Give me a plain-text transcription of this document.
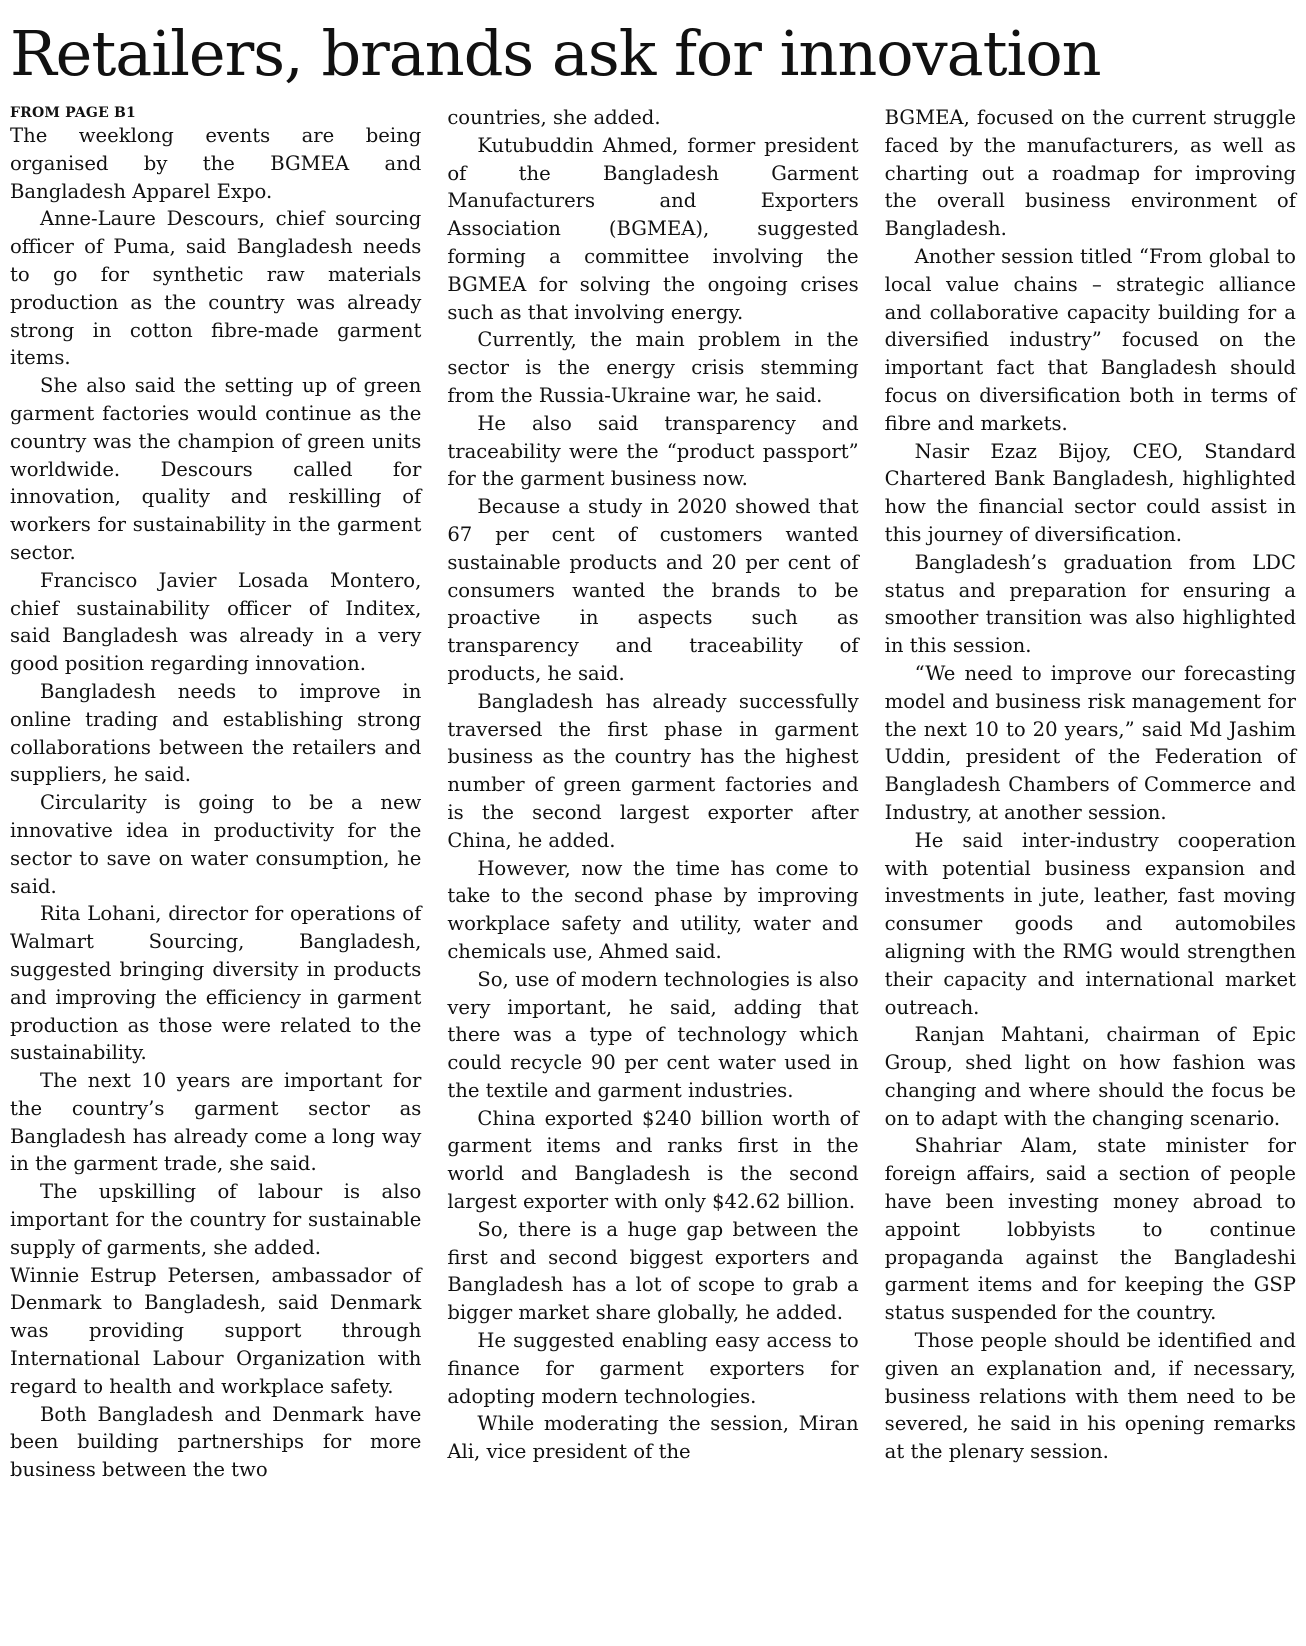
Retailers, brands ask for innovation
FROM PAGE B1

The weeklong events are being organised by the BGMEA and Bangladesh Apparel Expo.

Anne-Laure Descours, chief sourcing officer of Puma, said Bangladesh needs to go for synthetic raw materials production as the country was already strong in cotton fibre-made garment items.

She also said the setting up of green garment factories would continue as the country was the champion of green units worldwide. Descours called for innovation, quality and reskilling of workers for sustainability in the garment sector.

Francisco Javier Losada Montero, chief sustainability officer of Inditex, said Bangladesh was already in a very good position regarding innovation.

Bangladesh needs to improve in online trading and establishing strong collaborations between the retailers and suppliers, he said.

Circularity is going to be a new innovative idea in productivity for the sector to save on water consumption, he said.

Rita Lohani, director for operations of Walmart Sourcing, Bangladesh, suggested bringing diversity in products and improving the efficiency in garment production as those were related to the sustainability.

The next 10 years are important for the country’s garment sector as Bangladesh has already come a long way in the garment trade, she said.

The upskilling of labour is also important for the country for sustainable supply of garments, she added.

Winnie Estrup Petersen, ambassador of Denmark to Bangladesh, said Denmark was providing support through International Labour Organization with regard to health and workplace safety.

Both Bangladesh and Denmark have been building partnerships for more business between the two

countries, she added.

Kutubuddin Ahmed, former president of the Bangladesh Garment Manufacturers and Exporters Association (BGMEA), suggested forming a committee involving the BGMEA for solving the ongoing crises such as that involving energy.

Currently, the main problem in the sector is the energy crisis stemming from the Russia-Ukraine war, he said.

He also said transparency and traceability were the “product passport” for the garment business now.

Because a study in 2020 showed that 67 per cent of customers wanted sustainable products and 20 per cent of consumers wanted the brands to be proactive in aspects such as transparency and traceability of products, he said.

Bangladesh has already successfully traversed the first phase in garment business as the country has the highest number of green garment factories and is the second largest exporter after China, he added.

However, now the time has come to take to the second phase by improving workplace safety and utility, water and chemicals use, Ahmed said.

So, use of modern technologies is also very important, he said, adding that there was a type of technology which could recycle 90 per cent water used in the textile and garment industries.

China exported $240 billion worth of garment items and ranks first in the world and Bangladesh is the second largest exporter with only $42.62 billion.

So, there is a huge gap between the first and second biggest exporters and Bangladesh has a lot of scope to grab a bigger market share globally, he added.

He suggested enabling easy access to finance for garment exporters for adopting modern technologies.

While moderating the session, Miran Ali, vice president of the

BGMEA, focused on the current struggle faced by the manufacturers, as well as charting out a roadmap for improving the overall business environment of Bangladesh.

Another session titled “From global to local value chains – strategic alliance and collaborative capacity building for a diversified industry” focused on the important fact that Bangladesh should focus on diversification both in terms of fibre and markets.

Nasir Ezaz Bijoy, CEO, Standard Chartered Bank Bangladesh, highlighted how the financial sector could assist in this journey of diversification.

Bangladesh’s graduation from LDC status and preparation for ensuring a smoother transition was also highlighted in this session.

“We need to improve our forecasting model and business risk management for the next 10 to 20 years,” said Md Jashim Uddin, president of the Federation of Bangladesh Chambers of Commerce and Industry, at another session.

He said inter-industry cooperation with potential business expansion and investments in jute, leather, fast moving consumer goods and automobiles aligning with the RMG would strengthen their capacity and international market outreach.

Ranjan Mahtani, chairman of Epic Group, shed light on how fashion was changing and where should the focus be on to adapt with the changing scenario.

Shahriar Alam, state minister for foreign affairs, said a section of people have been investing money abroad to appoint lobbyists to continue propaganda against the Bangladeshi garment items and for keeping the GSP status suspended for the country.

Those people should be identified and given an explanation and, if necessary, business relations with them need to be severed, he said in his opening remarks at the plenary session.
